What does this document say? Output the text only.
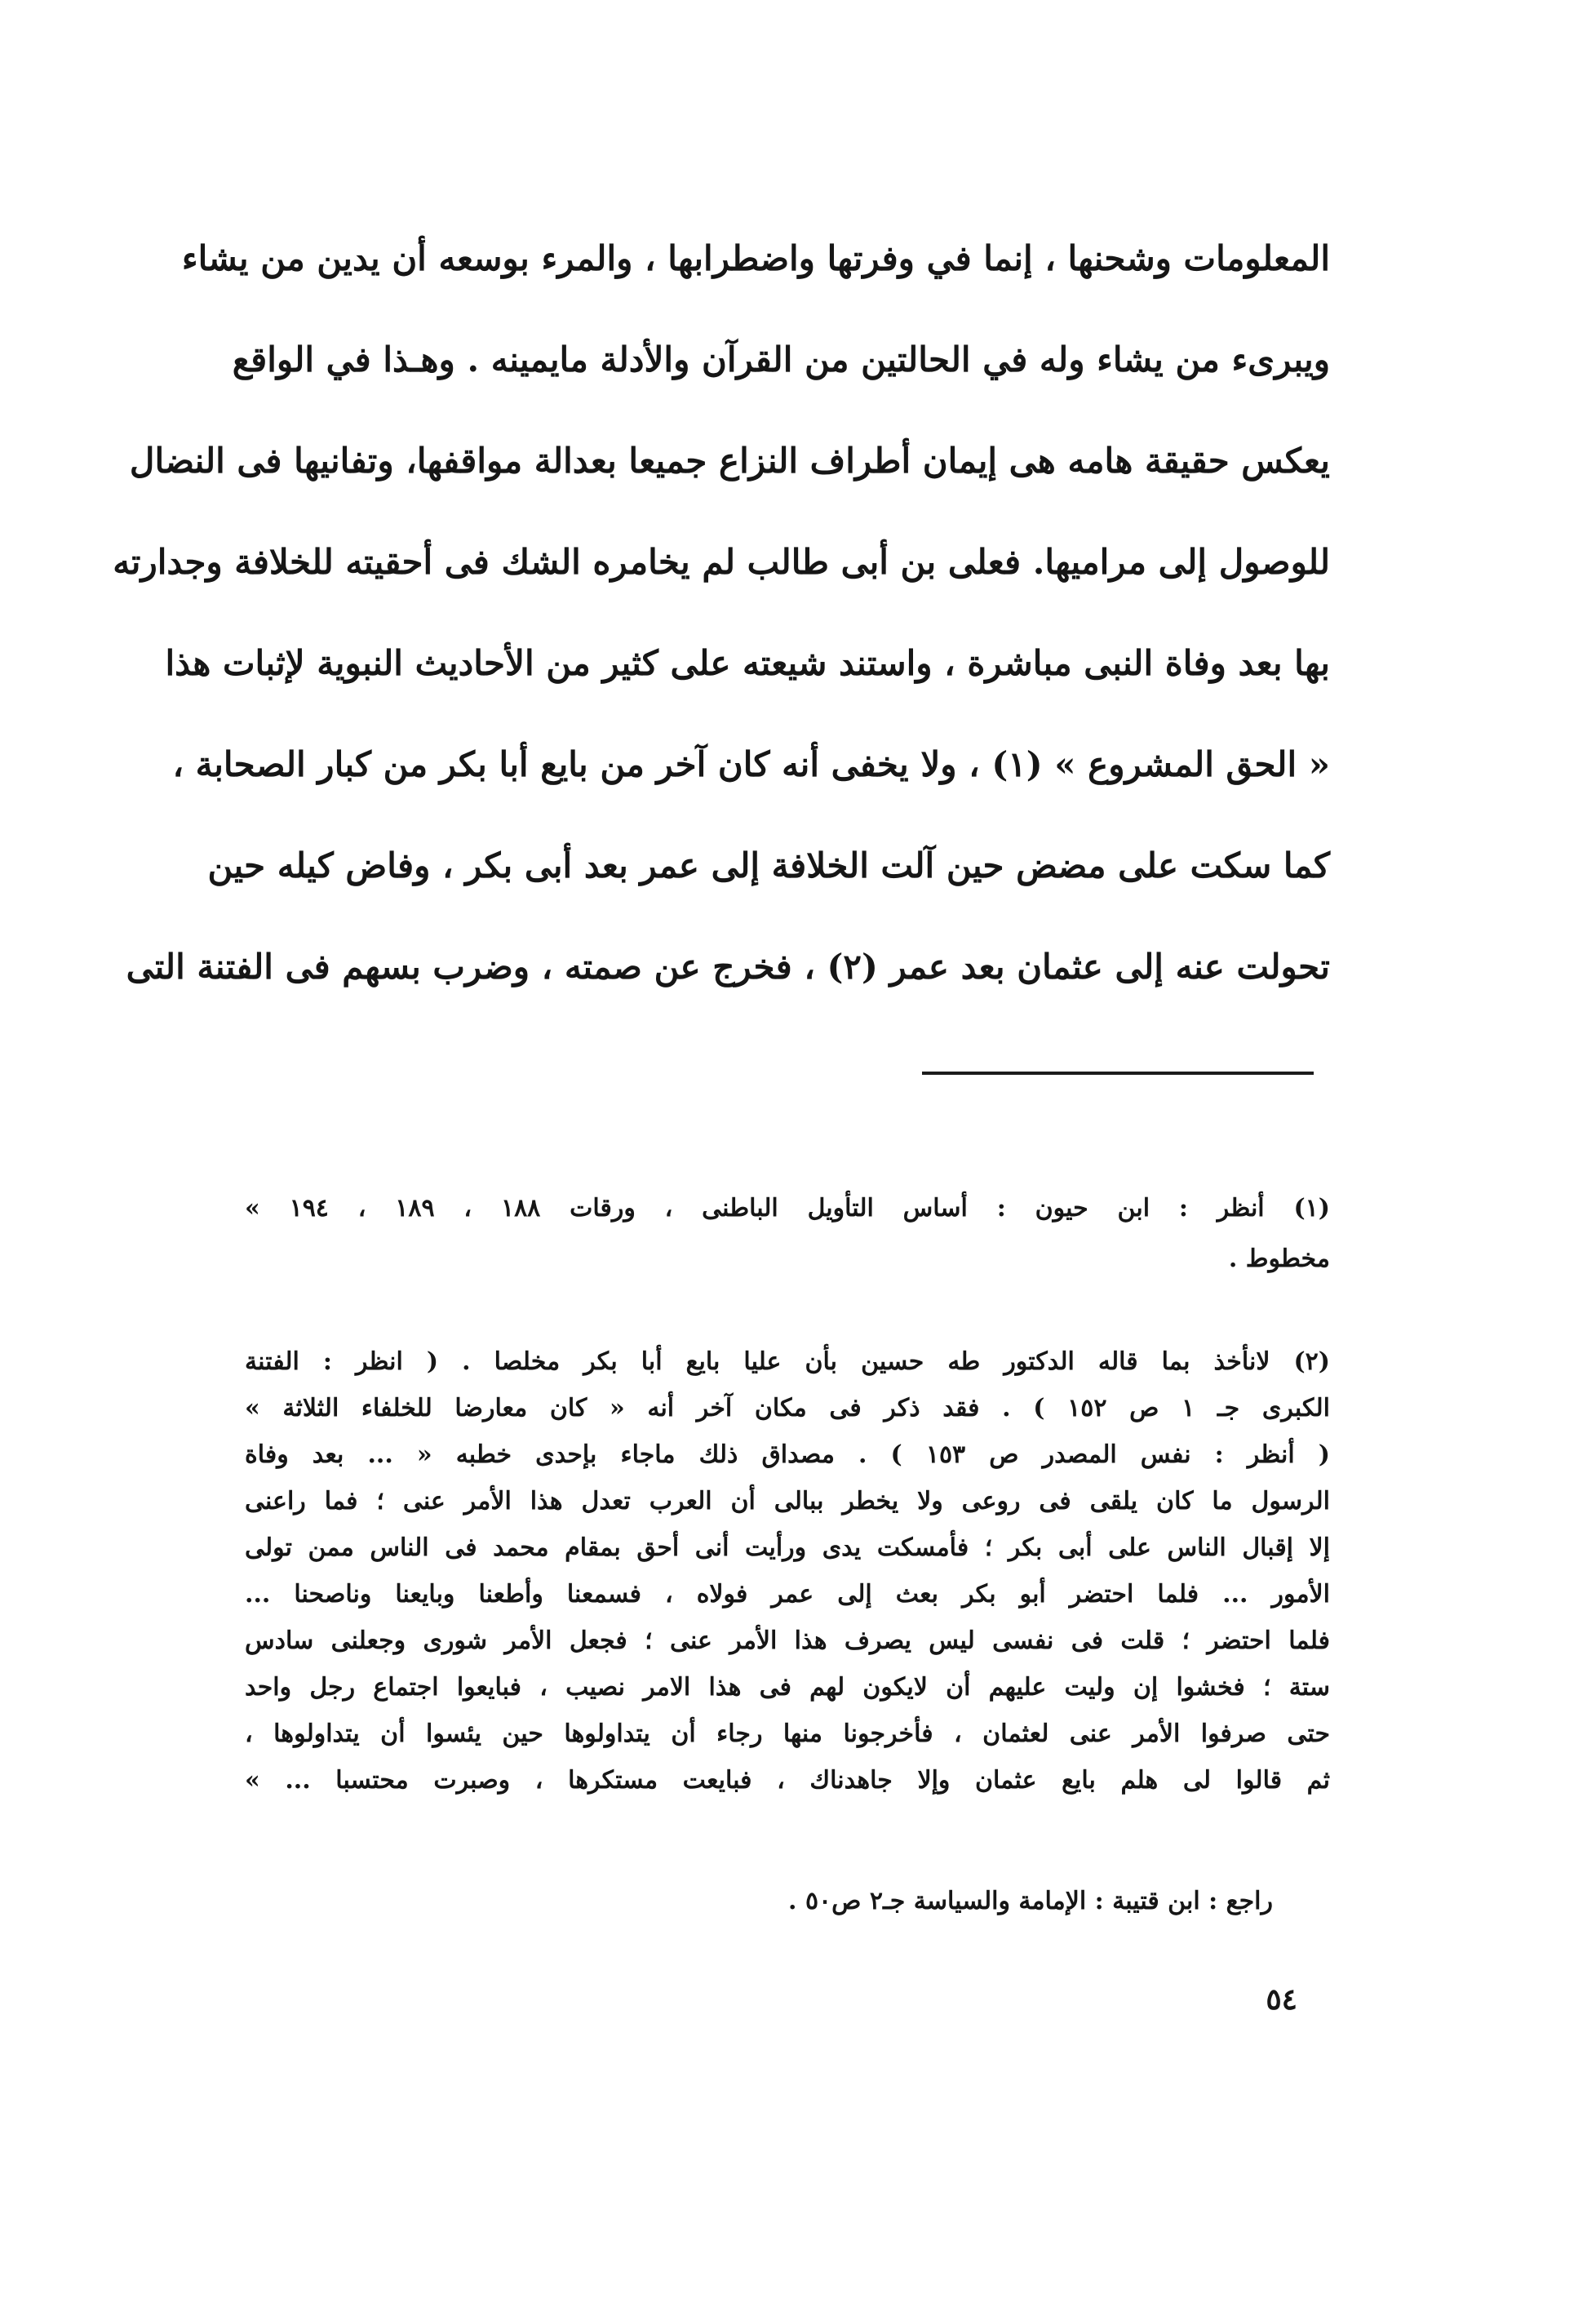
المعلومات وشحنها ، إنما في وفرتها واضطرابها ، والمرء بوسعه أن يدين من يشاء
ويبرىء من يشاء وله في الحالتين من القرآن والأدلة مايمينه . وهـذا في الواقع
يعكس حقيقة هامه هى إيمان أطراف النزاع جميعا بعدالة مواقفها، وتفانيها فى النضال
للوصول إلى مراميها. فعلى بن أبى طالب لم يخامره الشك فى أحقيته للخلافة وجدارته
بها بعد وفاة النبى مباشرة ، واستند شيعته على كثير من الأحاديث النبوية لإثبات هذا
« الحق المشروع » (١) ، ولا يخفى أنه كان آخر من بايع أبا بكر من كبار الصحابة ،
كما سكت على مضض حين آلت الخلافة إلى عمر بعد أبى بكر ، وفاض كيله حين
تحولت عنه إلى عثمان بعد عمر (٢) ، فخرج عن صمته ، وضرب بسهم فى الفتنة التى
(١) أنظر : ابن حيون : أساس التأويل الباطنى ، ورقات ١٨٨ ، ١٨٩ ، ١٩٤ »
مخطوط .
(٢) لانأخذ بما قاله الدكتور طه حسين بأن عليا بايع أبا بكر مخلصا . ( انظر : الفتنة
الكبرى جـ ١ ص ١٥٢ ) . فقد ذكر فى مكان آخر أنه « كان معارضا للخلفاء الثلاثة »
( أنظر : نفس المصدر ص ١٥٣ ) . مصداق ذلك ماجاء بإحدى خطبه « ... بعد وفاة
الرسول ما كان يلقى فى روعى ولا يخطر ببالى أن العرب تعدل هذا الأمر عنى ؛ فما راعنى
إلا إقبال الناس على أبى بكر ؛ فأمسكت يدى ورأيت أنى أحق بمقام محمد فى الناس ممن تولى
الأمور ... فلما احتضر أبو بكر بعث إلى عمر فولاه ، فسمعنا وأطعنا وبايعنا وناصحنا ...
فلما احتضر ؛ قلت فى نفسى ليس يصرف هذا الأمر عنى ؛ فجعل الأمر شورى وجعلنى سادس
ستة ؛ فخشوا إن وليت عليهم أن لايكون لهم فى هذا الامر نصيب ، فبايعوا اجتماع رجل واحد
حتى صرفوا الأمر عنى لعثمان ، فأخرجونا منها رجاء أن يتداولوها حين يئسوا أن يتداولوها ،
ثم قالوا لى هلم بايع عثمان وإلا جاهدناك ، فبايعت مستكرها ، وصبرت محتسبا ... »
راجع : ابن قتيبة : الإمامة والسياسة جـ٢ ص٥٠ .
٥٤
